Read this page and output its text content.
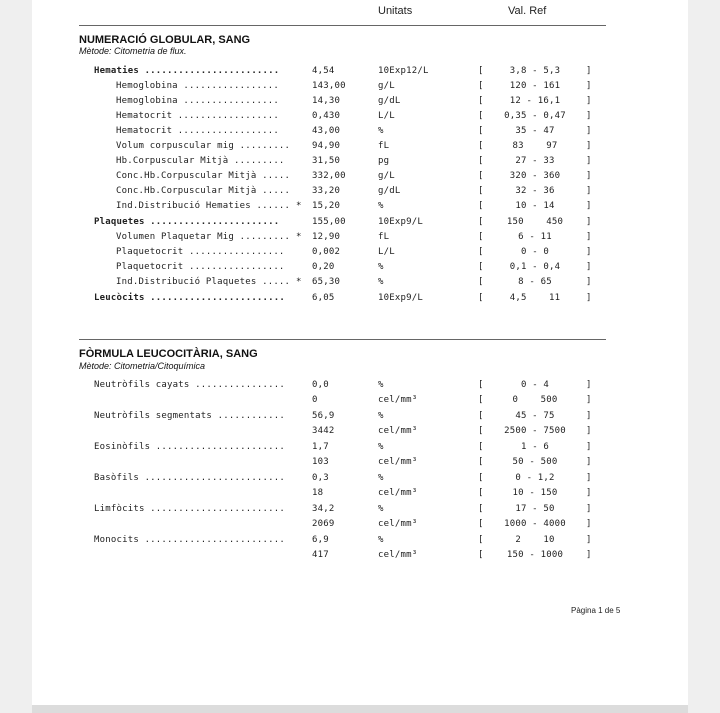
Unitats	Val. Ref
NUMERACIÓ GLOBULAR, SANG
Mètode: Citometria de flux.
Hematies ........................	4,54	10Exp12/L	[	3,8 - 5,3	]
Hemoglobina .................	143,00	g/L	[	120 - 161	]
Hemoglobina .................	14,30	g/dL	[	12 - 16,1	]
Hematocrit ..................	0,430	L/L	[	0,35 - 0,47	]
Hematocrit ..................	43,00	%	[	35 - 47	]
Volum corpuscular mig ......... 94,90	fL	[	83    97	]
Hb.Corpuscular Mitjà .........	31,50	pg	[	27 - 33	]
Conc.Hb.Corpuscular Mitjà ..... 332,00	g/L	[	320 - 360	]
Conc.Hb.Corpuscular Mitjà ..... 33,20	g/dL	[	32 - 36	]
Ind.Distribució Hematies ...... * 15,20	%	[	10 - 14	]
Plaquetes .......................	155,00	10Exp9/L	[	150    450	]
Volumen Plaquetar Mig ......... * 12,90	fL	[	6 - 11	]
Plaquetocrit .................	0,002	L/L	[	0 - 0	]
Plaquetocrit .................	0,20	%	[	0,1 - 0,4	]
Ind.Distribució Plaquetes ..... * 65,30	%	[	8 - 65	]
Leucòcits ........................	6,05	10Exp9/L	[	4,5    11	]
FÒRMULA LEUCOCITÀRIA, SANG
Mètode: Citometria/Citoquímica
Neutròfils cayats ................	0,0	%	[	0 - 4	]
0	cel/mm³	[	0    500	]
Neutròfils segmentats ............	56,9	%	[	45 - 75	]
3442	cel/mm³	[	2500 - 7500	]
Eosinòfils .......................	1,7	%	[	1 - 6	]
103	cel/mm³	[	50 - 500	]
Basòfils .........................	0,3	%	[	0 - 1,2	]
18	cel/mm³	[	10 - 150	]
Limfòcits ........................	34,2	%	[	17 - 50	]
2069	cel/mm³	[	1000 - 4000	]
Monocits .........................	6,9	%	[	2    10	]
417	cel/mm³	[	150 - 1000	]
Pàgina 1 de 5
